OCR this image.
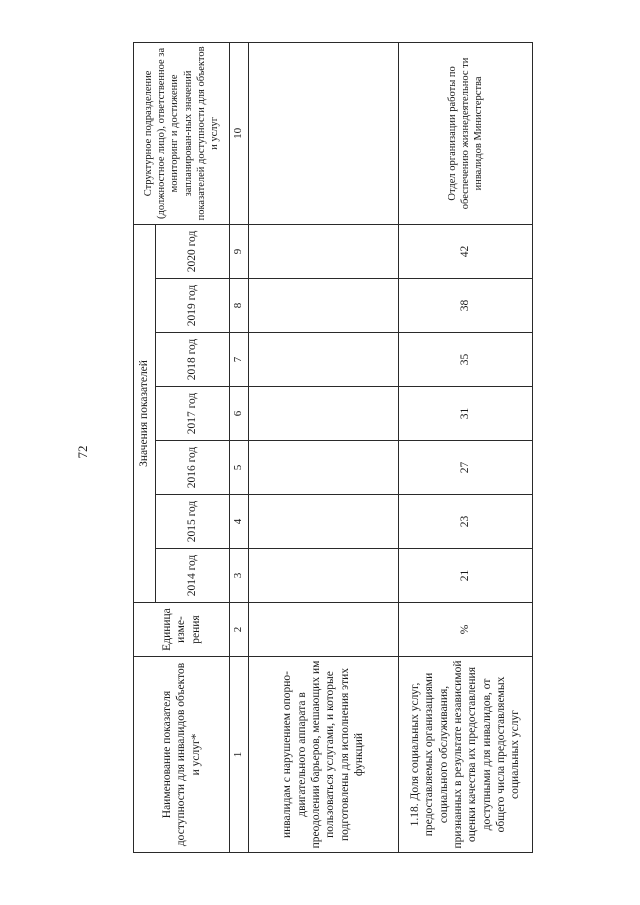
72
Наименование показателя доступности для инвалидов объектов и услуг*	Единица изме-рения	Значения показателей							Структурное подразделение (должностное лицо), ответственное за мониторинг и достижение запланирован-ных значений показателей доступности для объектов и услуг
		2014 год	2015 год	2016 год	2017 год	2018 год	2019 год	2020 год	
1	2	3	4	5	6	7	8	9	10
инвалидам с нарушением опорно-двигательного аппарата в преодолении барьеров, мешающих им пользоваться услугами, и которые подготовлены для исполнения этих функций									
1.18. Доля социальных услуг, предоставляемых организациями социального обслуживания, признанных в результате независимой оценки качества их предоставления доступными для инвалидов, от общего числа предоставляемых социальных услуг	%	21	23	27	31	35	38	42	Отдел организации работы по обеспечению жизнедеятельнос ти инвалидов Министерства
